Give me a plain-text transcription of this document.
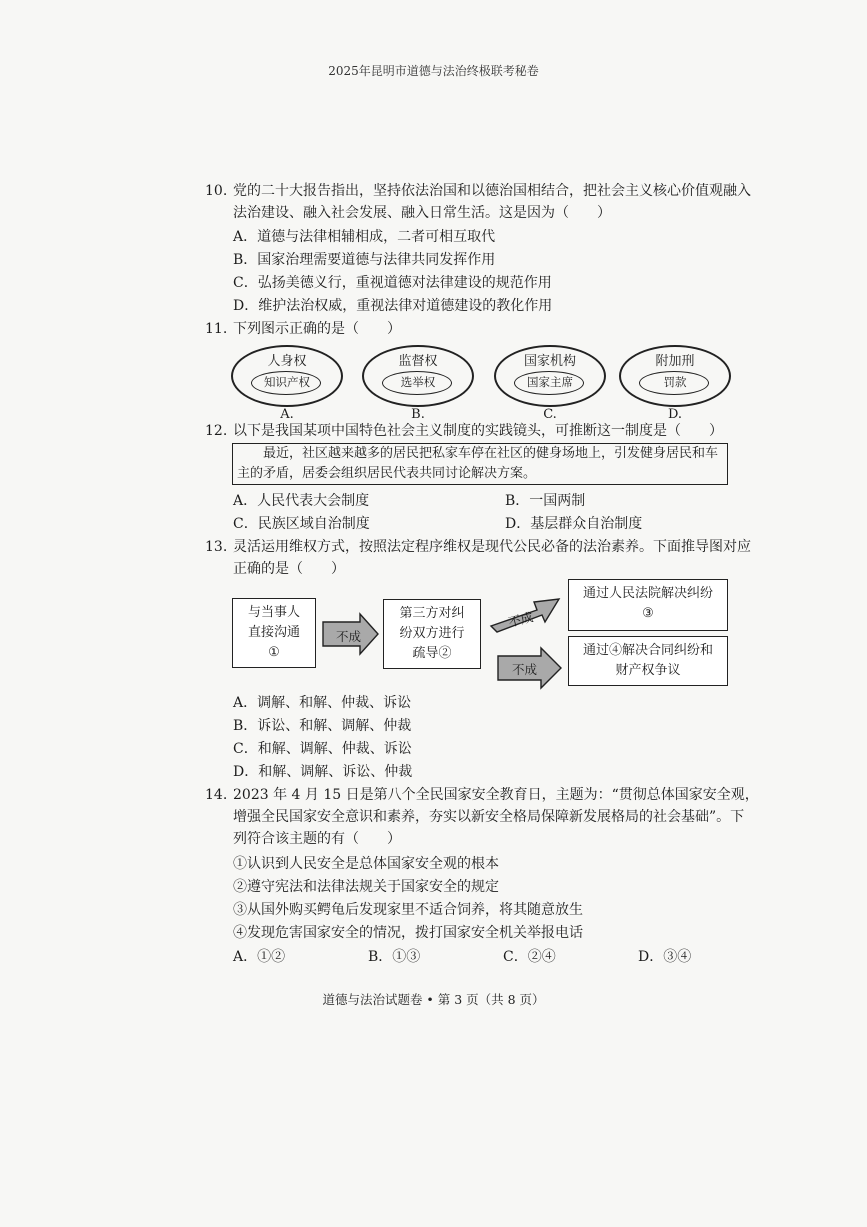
2025年昆明市道德与法治终极联考秘卷
10. 党的二十大报告指出，坚持依法治国和以德治国相结合，把社会主义核心价值观融入
法治建设、融入社会发展、融入日常生活。这是因为（　　）
A．道德与法律相辅相成，二者可相互取代
B．国家治理需要道德与法律共同发挥作用
C．弘扬美德义行，重视道德对法律建设的规范作用
D．维护法治权威，重视法律对道德建设的教化作用
11. 下列图示正确的是（　　）
人身权
知识产权
A.
监督权
选举权
B.
国家机构
国家主席
C.
附加刑
罚款
D.
12. 以下是我国某项中国特色社会主义制度的实践镜头，可推断这一制度是（　　）
最近，社区越来越多的居民把私家车停在社区的健身场地上，引发健身居民和车主的矛盾，居委会组织居民代表共同讨论解决方案。
A．人民代表大会制度	B．一国两制
C．民族区域自治制度	D．基层群众自治制度
13. 灵活运用维权方式，按照法定程序维权是现代公民必备的法治素养。下面推导图对应
正确的是（　　）
与当事人
直接沟通
①
不成
第三方对纠
纷双方进行
疏导②
不成
不成
通过人民法院解决纠纷
③
通过④解决合同纠纷和
财产权争议
A．调解、和解、仲裁、诉讼
B．诉讼、和解、调解、仲裁
C．和解、调解、仲裁、诉讼
D．和解、调解、诉讼、仲裁
14. 2023 年 4 月 15 日是第八个全民国家安全教育日，主题为：“贯彻总体国家安全观，
增强全民国家安全意识和素养，夯实以新安全格局保障新发展格局的社会基础”。下
列符合该主题的有（　　）
①认识到人民安全是总体国家安全观的根本
②遵守宪法和法律法规关于国家安全的规定
③从国外购买鳄龟后发现家里不适合饲养，将其随意放生
④发现危害国家安全的情况，拨打国家安全机关举报电话
A．①②	B．①③	C．②④	D．③④
道德与法治试题卷 • 第 3 页（共 8 页）
